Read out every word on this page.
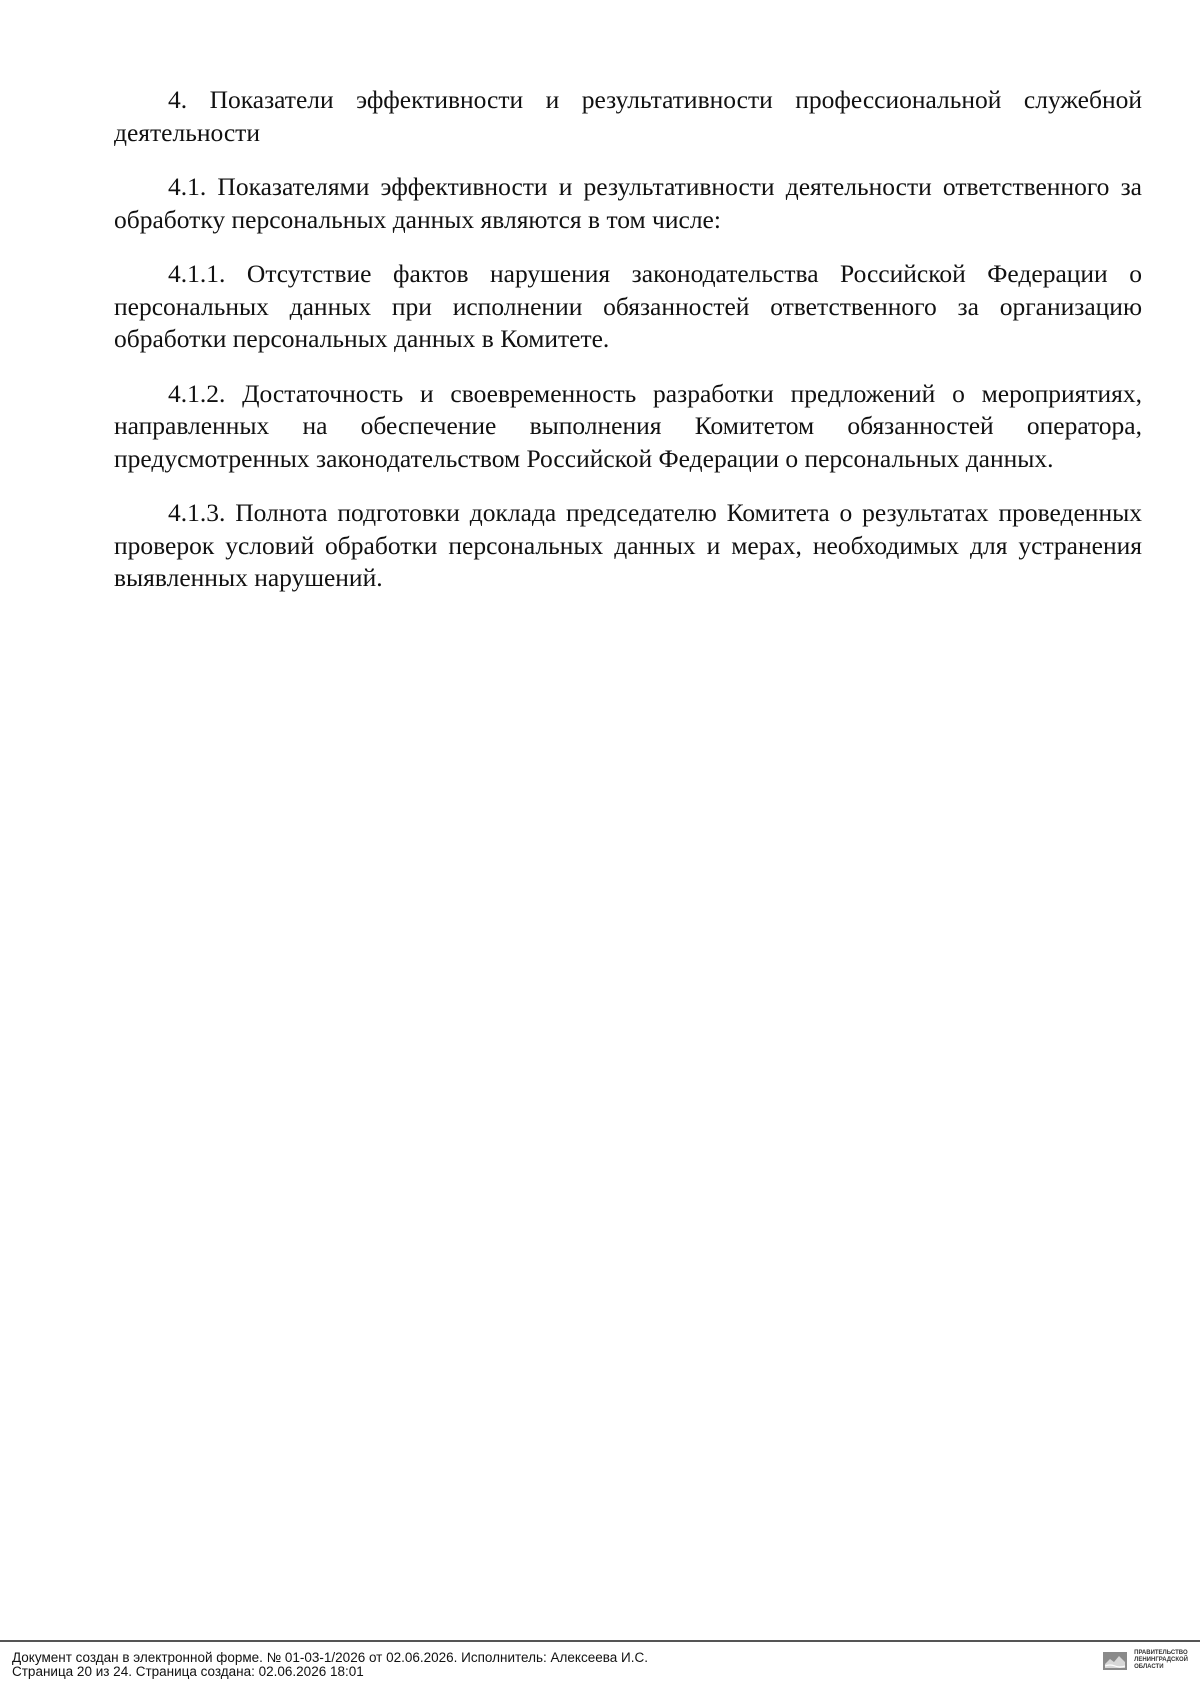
4. Показатели эффективности и результативности профессиональной служебной деятельности

4.1. Показателями эффективности и результативности деятельности ответственного за обработку персональных данных являются в том числе:

4.1.1. Отсутствие фактов нарушения законодательства Российской Федерации о персональных данных при исполнении обязанностей ответственного за организацию обработки персональных данных в Комитете.

4.1.2. Достаточность и своевременность разработки предложений о мероприятиях, направленных на обеспечение выполнения Комитетом обязанностей оператора, предусмотренных законодательством Российской Федерации о персональных данных.

4.1.3. Полнота подготовки доклада председателю Комитета о результатах проведенных проверок условий обработки персональных данных и мерах, необходимых для устранения выявленных нарушений.

Документ создан в электронной форме. № 01-03-1/2026 от 02.06.2026. Исполнитель: Алексеева И.С.
Страница 20 из 24. Страница создана: 02.06.2026 18:01
ПРАВИТЕЛЬСТВО
ЛЕНИНГРАДСКОЙ
ОБЛАСТИ
